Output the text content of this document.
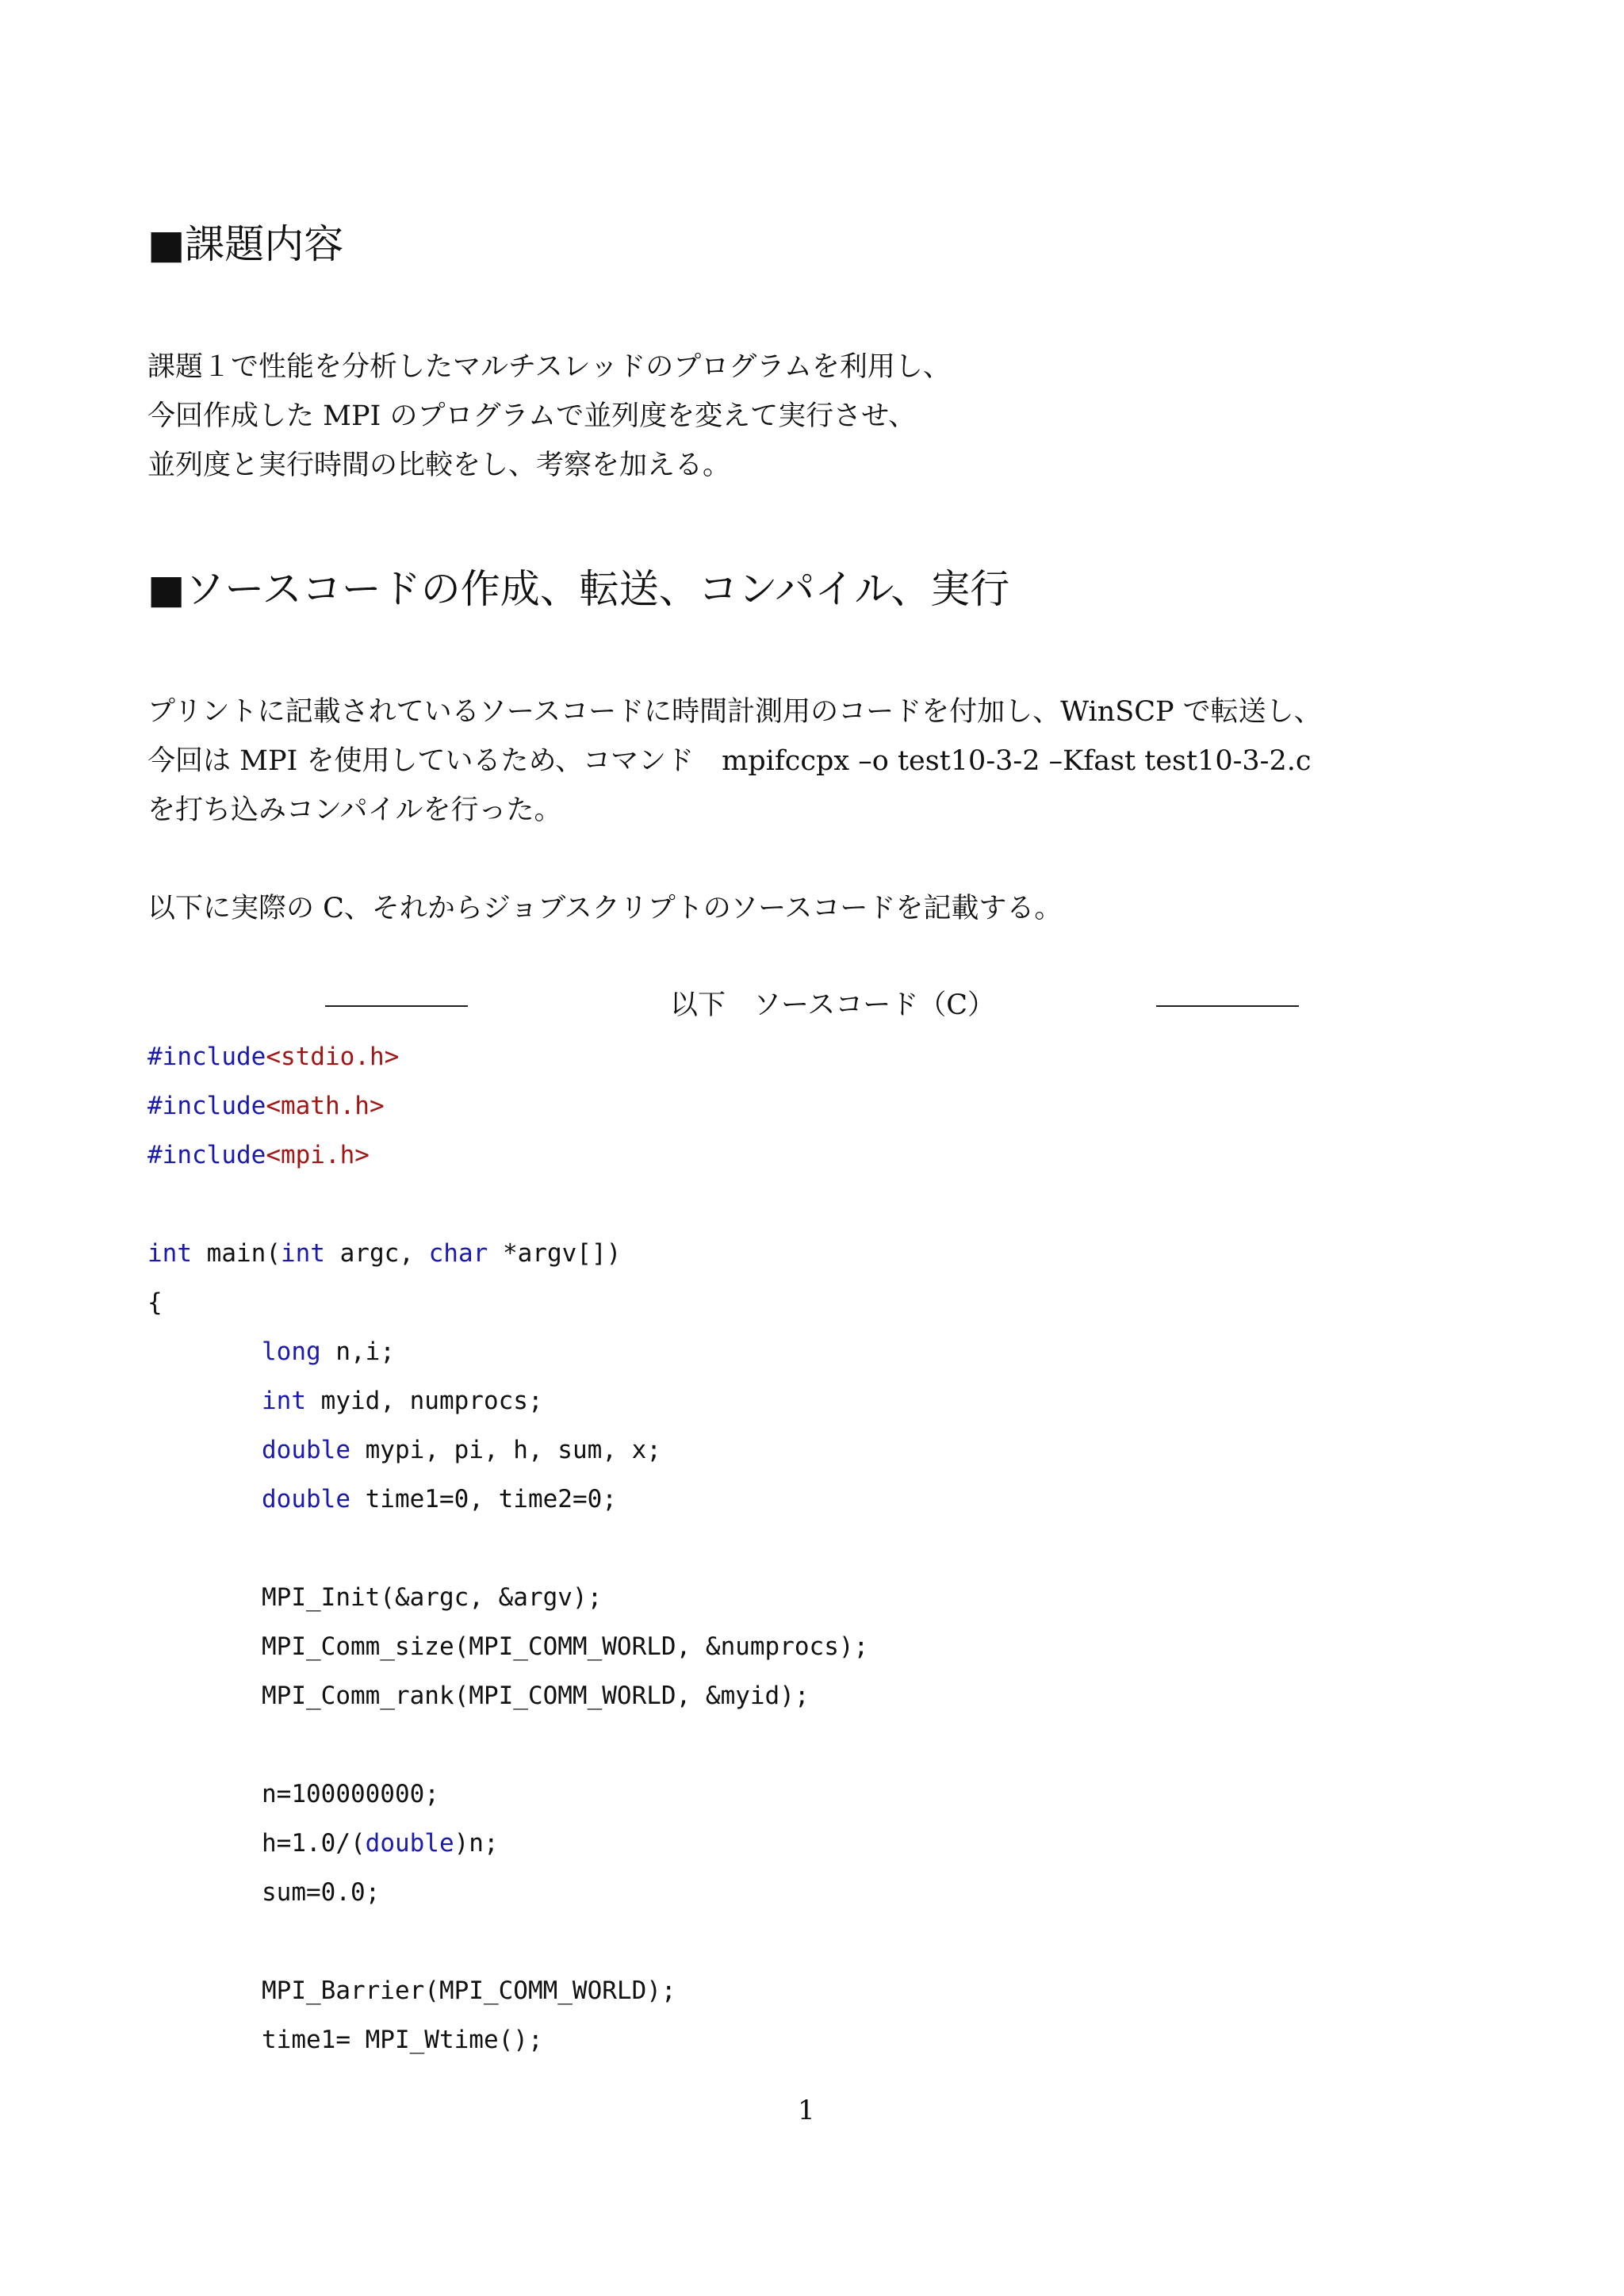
■課題内容
課題１で性能を分析したマルチスレッドのプログラムを利用し、
今回作成した MPI のプログラムで並列度を変えて実行させ、
並列度と実行時間の比較をし、考察を加える。
■ソースコードの作成、転送、コンパイル、実行
プリントに記載されているソースコードに時間計測用のコードを付加し、WinSCP で転送し、
今回は MPI を使用しているため、コマンド　mpifccpx –o test10-3-2 –Kfast test10-3-2.c
を打ち込みコンパイルを行った。
以下に実際の C、それからジョブスクリプトのソースコードを記載する。
以下　ソースコード（C）
#include<stdio.h>
#include<math.h>
#include<mpi.h>
int main(int argc, char *argv[])
{
long n,i;
int myid, numprocs;
double mypi, pi, h, sum, x;
double time1=0, time2=0;
MPI_Init(&argc, &argv);
MPI_Comm_size(MPI_COMM_WORLD, &numprocs);
MPI_Comm_rank(MPI_COMM_WORLD, &myid);
n=100000000;
h=1.0/(double)n;
sum=0.0;
MPI_Barrier(MPI_COMM_WORLD);
time1= MPI_Wtime();
1
